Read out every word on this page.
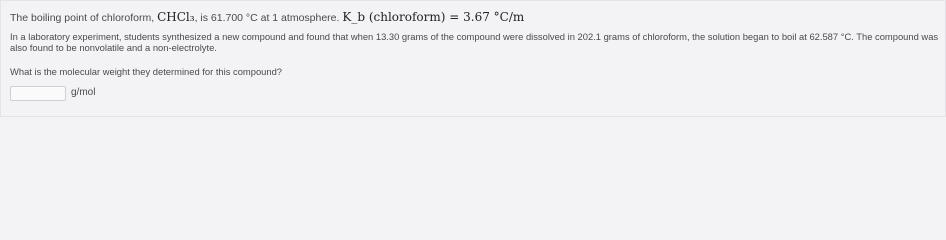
The boiling point of chloroform, CHCl₃, is 61.700 °C at 1 atmosphere. K_b (chloroform) = 3.67 °C/m
In a laboratory experiment, students synthesized a new compound and found that when 13.30 grams of the compound were dissolved in 202.1 grams of chloroform, the solution began to boil at 62.587 °C. The compound was also found to be nonvolatile and a non-electrolyte.
What is the molecular weight they determined for this compound?
g/mol
